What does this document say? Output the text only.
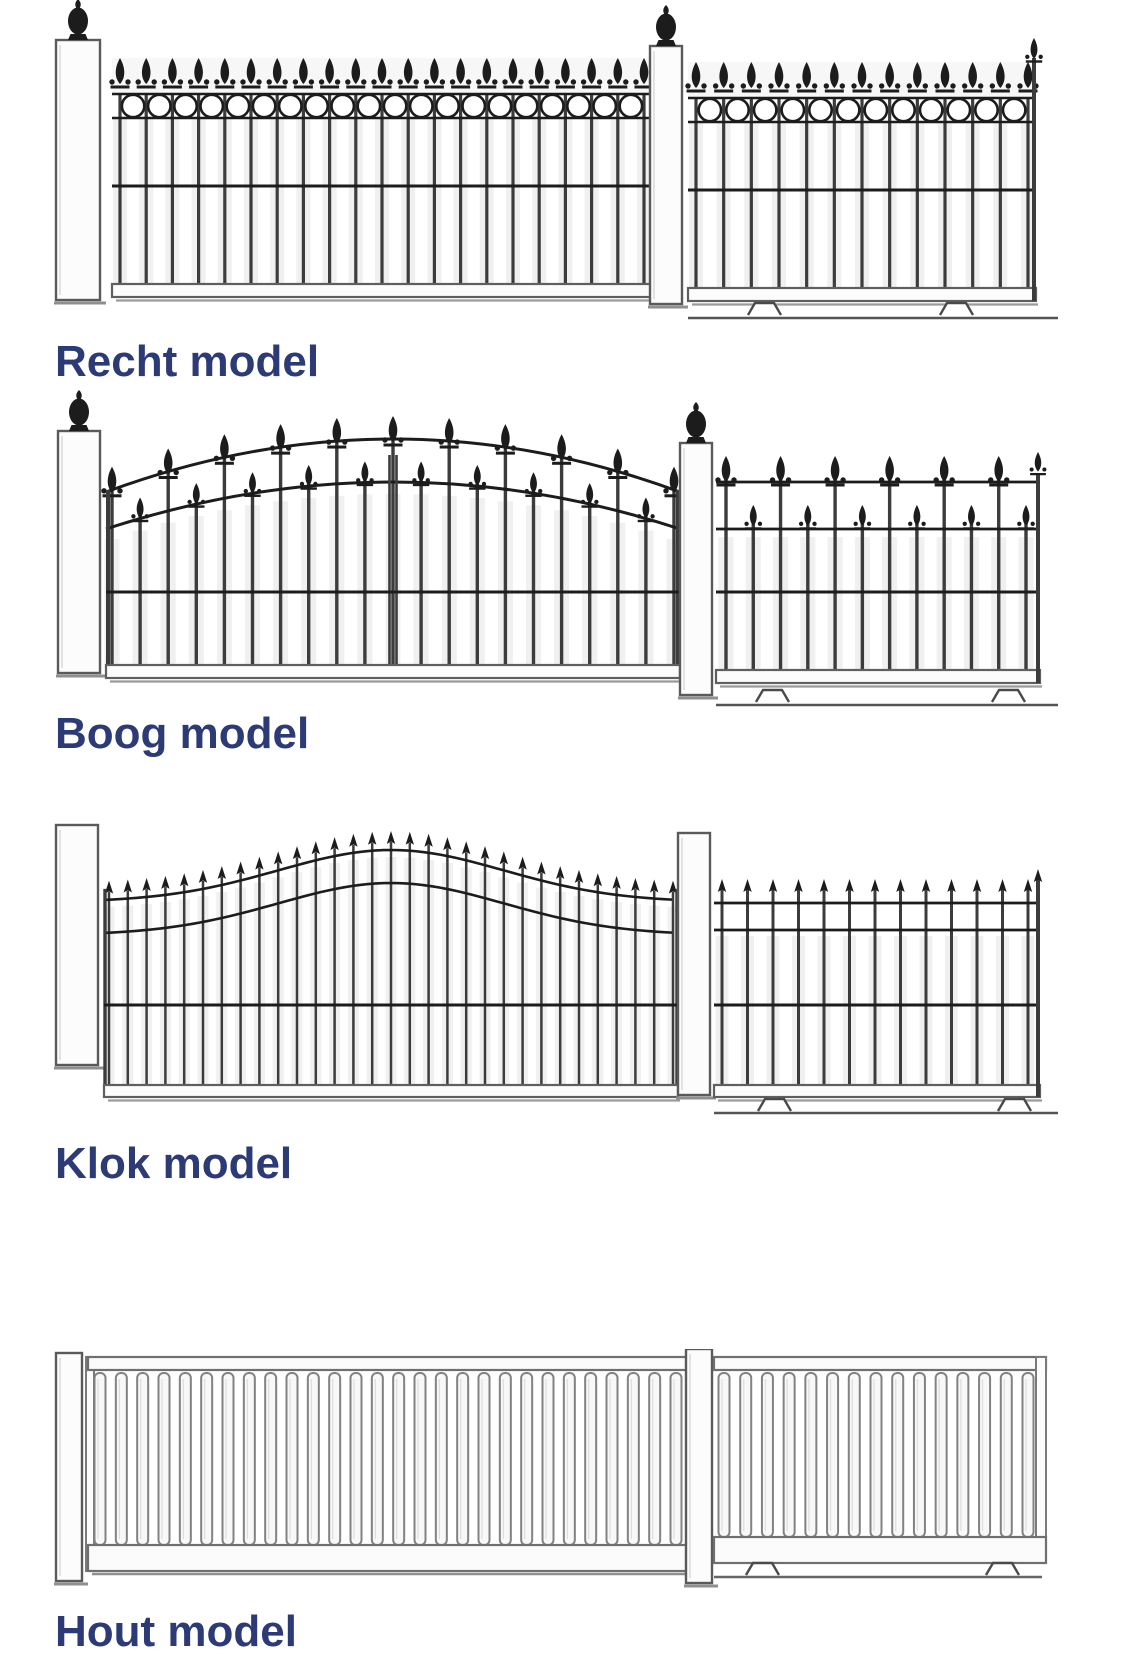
Recht model
Boog model
Klok model
Hout model
